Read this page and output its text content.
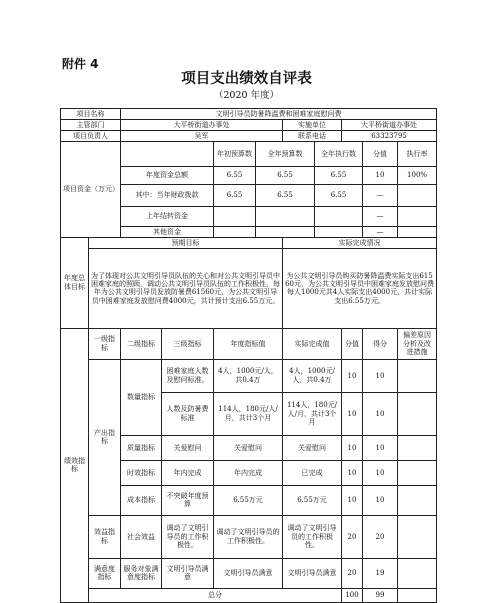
附件 4
项目支出绩效自评表
（2020 年度）
项目名称		文明引导员防暑降温费和困难家庭慰问费									
主管部门		大平桥街道办事处				实施单位		大平桥街道办事处			
项目负责人		吴军				联系电话		63323795			
项目资金（万元）				年初预算数	全年预算数		全年执行数		分值	执行率	
		年度资金总额		6.55	6.55		6.55		10	100%	
		其中：当年财政拨款		6.55	6.55		6.55		—		
		上年结转资金							—		
		其他资金							—		
年度总体目标	预期目标					实际完成情况					
	为了体现对公共文明引导员队伍的关心和对公共文明引导员中困难家庭的照顾，调动公共文明引导员队伍的工作积极性，每年为公共文明引导员发放防暑费61560元，为公共文明引导员中困难家庭发放慰问费4000元，共计预计支出6.55万元。					为公共文明引导员购买防暑降温费实际支出61560元，为公共文明引导员中困难家庭发放慰问费每人1000元共4人实际支出4000元，共计实际支出6.55万元。					
绩效指标	一级指标	二级指标	三级指标	年度指标值		实际完成值		分值	得分	偏差原因分析及改进措施	
	产出指标	数量指标	困难家庭人数及慰问标准。	4人，1000元/人，共0.4万		4人，1000元/人，共0.4万		10	10		
			人数及防暑费标准	114人，180元/人/月，共计3个月		114人，180元/人/月，共计3个月		10	10		
		质量指标	关爱慰问	关爱慰问		关爱慰问		10	10		
		时效指标	年内完成	年内完成		已完成		10	10		
		成本指标	不突破年度预算	6.55万元		6.55万元		10	10		
	效益指标	社会效益	调动了文明引导员的工作积极性。	调动了文明引导员的工作积极性。		调动了文明引导员的工作积极性。		20	20		
	满意度指标	服务对象满意度指标	文明引导员满意	文明引导员满意		文明引导员满意		20	19		
	总分							100	99		
